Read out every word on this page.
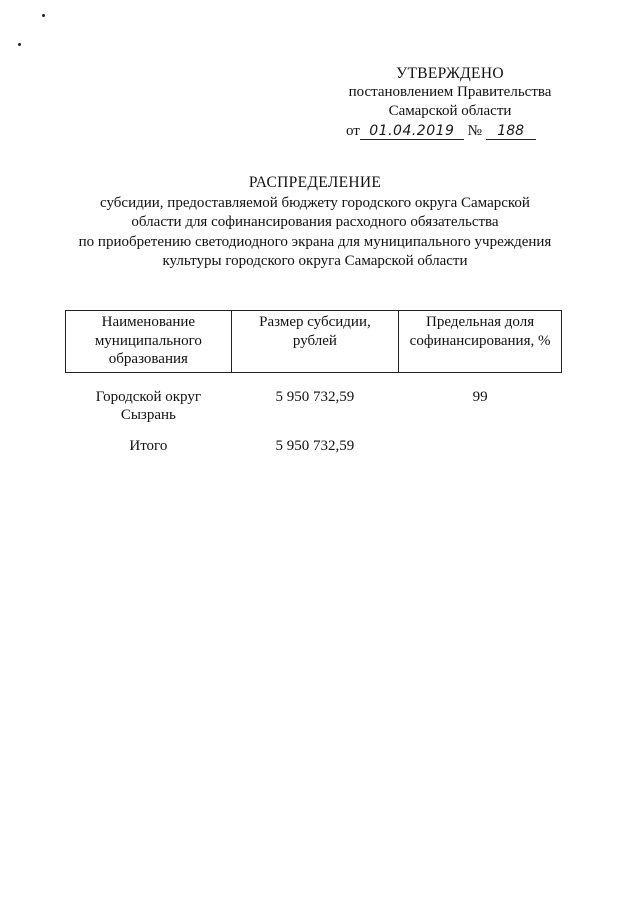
УТВЕРЖДЕНО
постановлением Правительства
Самарской области
от 01.04.2019 № 188
РАСПРЕДЕЛЕНИЕ
субсидии, предоставляемой бюджету городского округа Самарской
области для софинансирования расходного обязательства
по приобретению светодиодного экрана для муниципального учреждения
культуры городского округа Самарской области
Наименование муниципального образования	Размер субсидии, рублей	Предельная доля софинансирования, %
Городской округ Сызрань	5 950 732,59	99
Итого	5 950 732,59	
